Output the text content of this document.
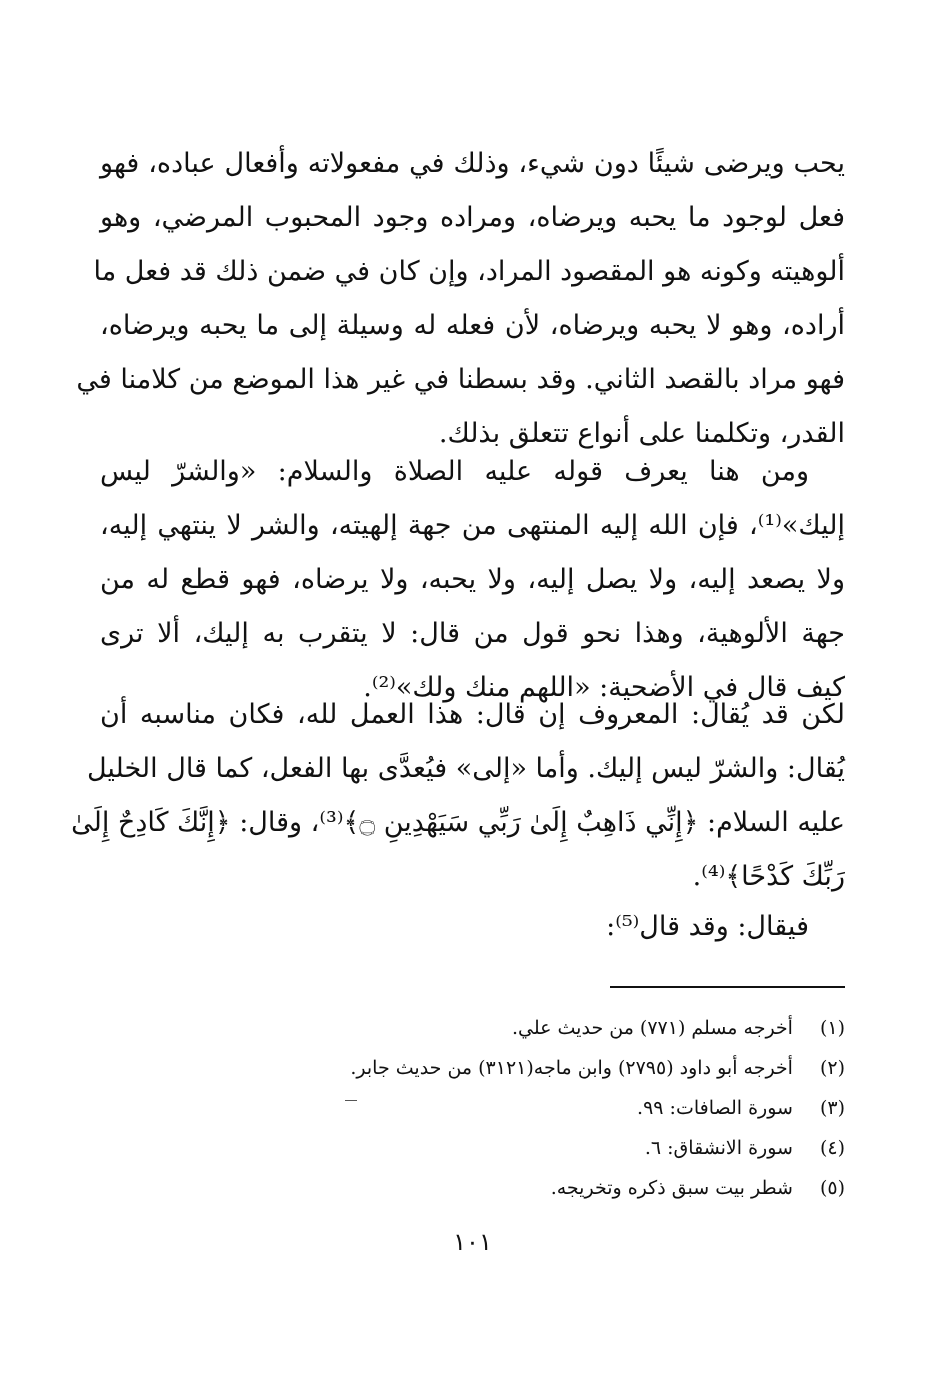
يحب ويرضى شيئًا دون شيء، وذلك في مفعولاته وأفعال عباده، فهو
فعل لوجود ما يحبه ويرضاه، ومراده وجود المحبوب المرضي، وهو
ألوهيته وكونه هو المقصود المراد، وإن كان في ضمن ذلك قد فعل ما
أراده، وهو لا يحبه ويرضاه، لأن فعله له وسيلة إلى ما يحبه ويرضاه،
فهو مراد بالقصد الثاني. وقد بسطنا في غير هذا الموضع من كلامنا في
القدر، وتكلمنا على أنواع تتعلق بذلك.
ومن هنا يعرف قوله عليه الصلاة والسلام: «والشرّ ليس
إليك»⁽¹⁾، فإن الله إليه المنتهى من جهة إلهيته، والشر لا ينتهي إليه،
ولا يصعد إليه، ولا يصل إليه، ولا يحبه، ولا يرضاه، فهو قطع له من
جهة الألوهية، وهذا نحو قول من قال: لا يتقرب به إليك، ألا ترى
كيف قال في الأضحية: «اللهم منك ولك»⁽²⁾.
لكن قد يُقال: المعروف إن قال: هذا العمل لله، فكان مناسبه أن
يُقال: والشرّ ليس إليك. وأما «إلى» فيُعدَّى بها الفعل، كما قال الخليل
عليه السلام: ﴿إِنِّي ذَاهِبٌ إِلَىٰ رَبِّي سَيَهْدِينِ ۝﴾⁽³⁾، وقال: ﴿إِنَّكَ كَادِحٌ إِلَىٰ
رَبِّكَ كَدْحًا﴾⁽⁴⁾.
فيقال: وقد قال⁽⁵⁾:
(١) أخرجه مسلم (٧٧١) من حديث علي.
(٢) أخرجه أبو داود (٢٧٩٥) وابن ماجه(٣١٢١) من حديث جابر.
(٣) سورة الصافات: ٩٩.
(٤) سورة الانشقاق: ٦.
(٥) شطر بيت سبق ذكره وتخريجه.
١٠١
